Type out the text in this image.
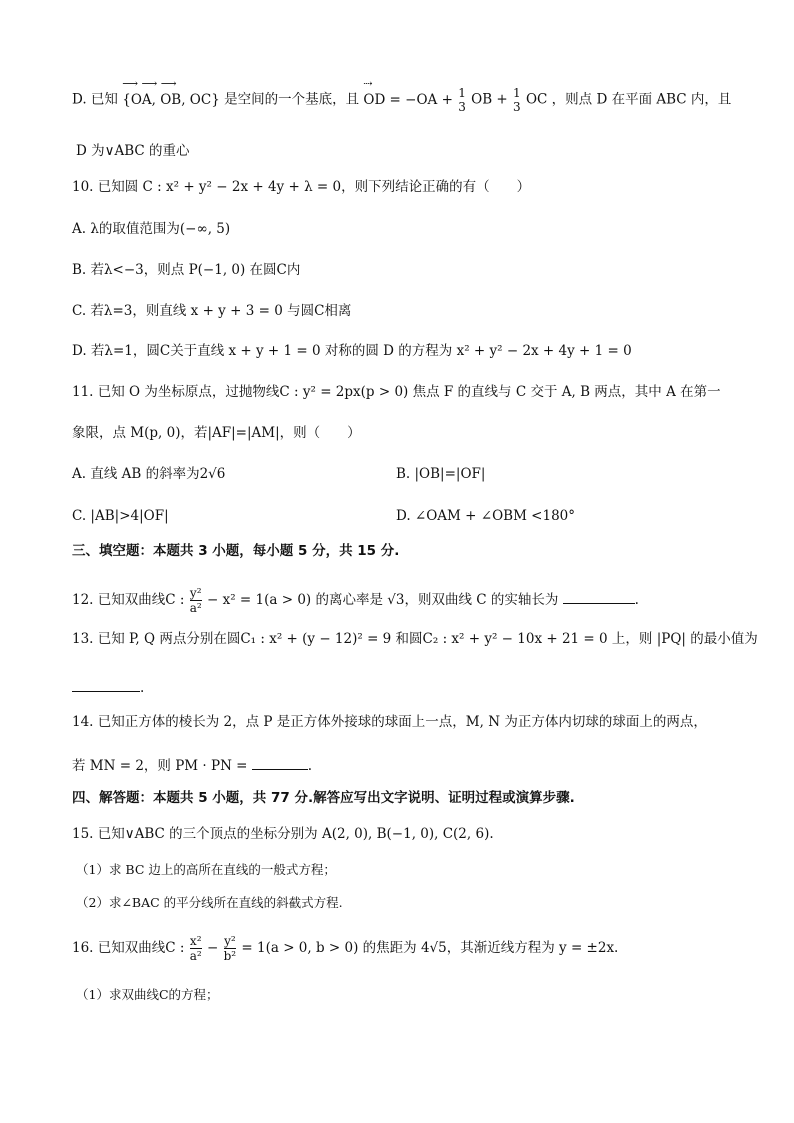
D. 已知
⟶ ⟶ ⟶
{OA, OB, OC} 是空间的一个基底，且
⇢
OD = −OA + 1
3 OB + 1
3 OC ，则点 D 在平面 ABC 内，且
D 为∨ABC 的重心
10. 已知圆 C : x² + y² − 2x + 4y + λ = 0，则下列结论正确的有（　　）
A. λ的取值范围为(−∞, 5)
B. 若λ<−3，则点 P(−1, 0) 在圆C内
C. 若λ=3，则直线 x + y + 3 = 0 与圆C相离
D. 若λ=1，圆C关于直线 x + y + 1 = 0 对称的圆 D 的方程为 x² + y² − 2x + 4y + 1 = 0
11. 已知 O 为坐标原点，过抛物线C : y² = 2px(p > 0) 焦点 F 的直线与 C 交于 A, B 两点，其中 A 在第一
象限，点 M(p, 0)，若|AF|=|AM|，则（　　）
A. 直线 AB 的斜率为2√6	B. |OB|=|OF|
C. |AB|>4|OF|	D. ∠OAM + ∠OBM <180°
三、填空题：本题共 3 小题，每小题 5 分，共 15 分.
12. 已知双曲线C : $\frac{\text{y²}}{\text{a²}} - x^2 = 1(a > 0)$ 的离心率是 √3，则双曲线 C 的实轴长为	.
13. 已知 P, Q 两点分别在圆C₁ : x² + (y − 12)² = 9 和圆C₂ : x² + y² − 10x + 21 = 0 上，则 |PQ| 的最小值为
.
14. 已知正方体的棱长为 2，点 P 是正方体外接球的球面上一点，M, N 为正方体内切球的球面上的两点，
若 MN = 2，则 PM · PN =	.
四、解答题：本题共 5 小题，共 77 分.解答应写出文字说明、证明过程或演算步骤.
15. 已知∨ABC 的三个顶点的坐标分别为 A(2, 0), B(−1, 0), C(2, 6).
（1）求 BC 边上的高所在直线的一般式方程；
（2）求∠BAC 的平分线所在直线的斜截式方程.
16. 已知双曲线C : $\frac{\text{x²}}{\text{a²}} - \frac{\text{y²}}{\text{b²}} = 1(a > 0$, b > 0) 的焦距为 4√5，其渐近线方程为 y = ±2x.
（1）求双曲线C的方程；
